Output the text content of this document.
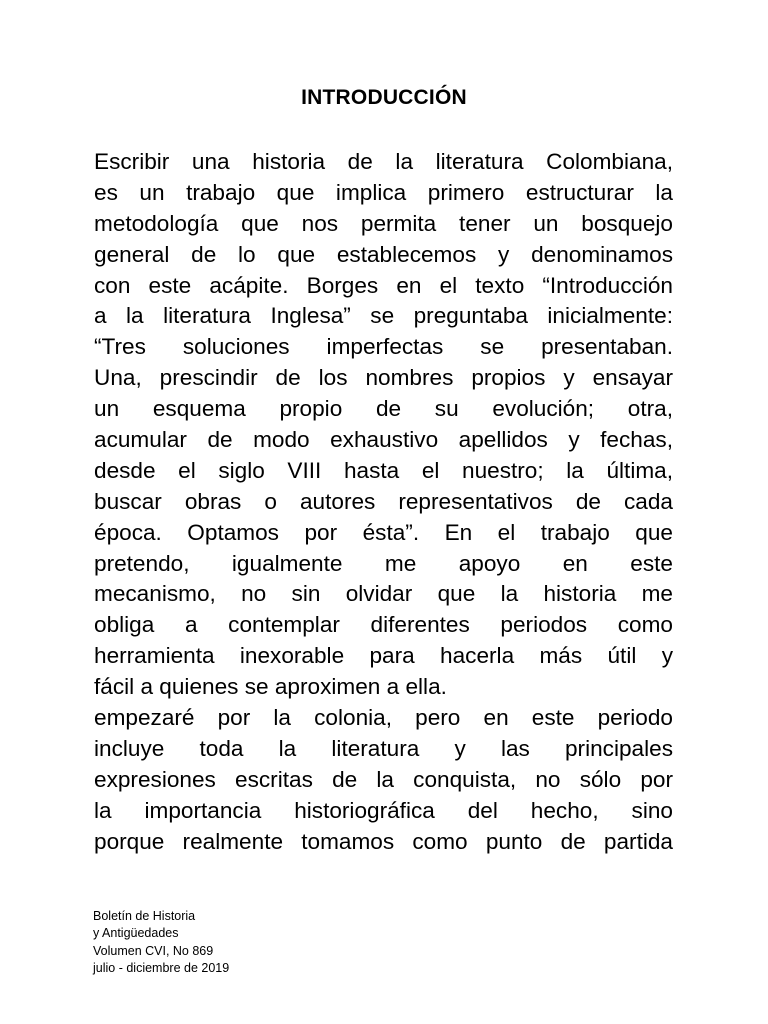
INTRODUCCIÓN
Escribir una historia de la literatura Colombiana,
es un trabajo que implica primero estructurar la
metodología que nos permita tener un bosquejo
general de lo que establecemos y denominamos
con este acápite. Borges en el texto “Introducción
a la literatura Inglesa” se preguntaba inicialmente:
“Tres soluciones imperfectas se presentaban.
Una, prescindir de los nombres propios y ensayar
un esquema propio de su evolución; otra,
acumular de modo exhaustivo apellidos y fechas,
desde el siglo VIII hasta el nuestro; la última,
buscar obras o autores representativos de cada
época. Optamos por ésta”. En el trabajo que
pretendo, igualmente me apoyo en este
mecanismo, no sin olvidar que la historia me
obliga a contemplar diferentes periodos como
herramienta inexorable para hacerla más útil y
fácil a quienes se aproximen a ella.
empezaré por la colonia, pero en este periodo
incluye toda la literatura y las principales
expresiones escritas de la conquista, no sólo por
la importancia historiográfica del hecho, sino
porque realmente tomamos como punto de partida
Boletín de Historia
y Antigüedades
Volumen CVI, No 869
julio - diciembre de 2019
